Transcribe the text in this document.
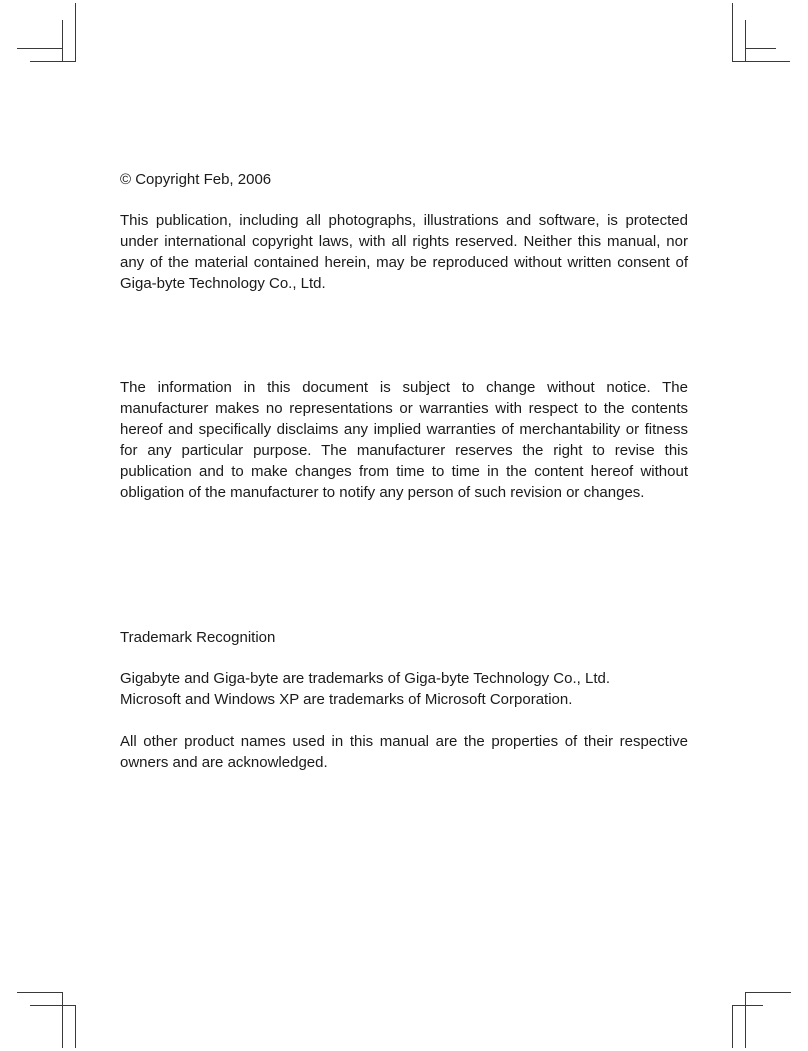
© Copyright Feb, 2006

This publication, including all photographs, illustrations and software, is protected under international copyright laws, with all rights reserved. Neither this manual, nor any of the material contained herein, may be reproduced without written consent of Giga-byte Technology Co., Ltd.

The information in this document is subject to change without notice. The manufacturer makes no representations or warranties with respect to the contents hereof and specifically disclaims any implied warranties of merchantability or fitness for any particular purpose. The manufacturer reserves the right to revise this publication and to make changes from time to time in the content hereof without obligation of the manufacturer to notify any person of such revision or changes.

Trademark Recognition

Gigabyte and Giga-byte are trademarks of Giga-byte Technology Co., Ltd.

Microsoft and Windows XP are trademarks of Microsoft Corporation.

All other product names used in this manual are the properties of their respective owners and are acknowledged.
